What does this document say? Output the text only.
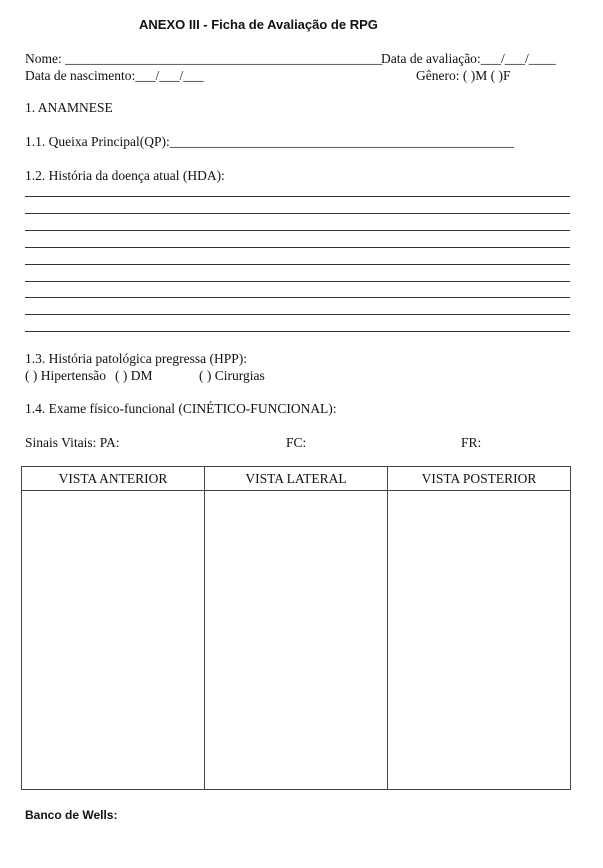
ANEXO III - Ficha de Avaliação de RPG
Nome: _______________________________________________
Data de avaliação:___/___/____
Data de nascimento:___/___/___	Gênero: ( )M ( )F
1. ANAMNESE
1.1. Queixa Principal(QP):___________________________________________________
1.2. História da doença atual (HDA):
1.3. História patológica pregressa (HPP):
( ) Hipertensão ( ) DM	( ) Cirurgias
1.4. Exame físico-funcional (CINÉTICO-FUNCIONAL):
Sinais Vitais: PA:	FC:	FR:
VISTA ANTERIOR	VISTA LATERAL	VISTA POSTERIOR

Banco de Wells:
